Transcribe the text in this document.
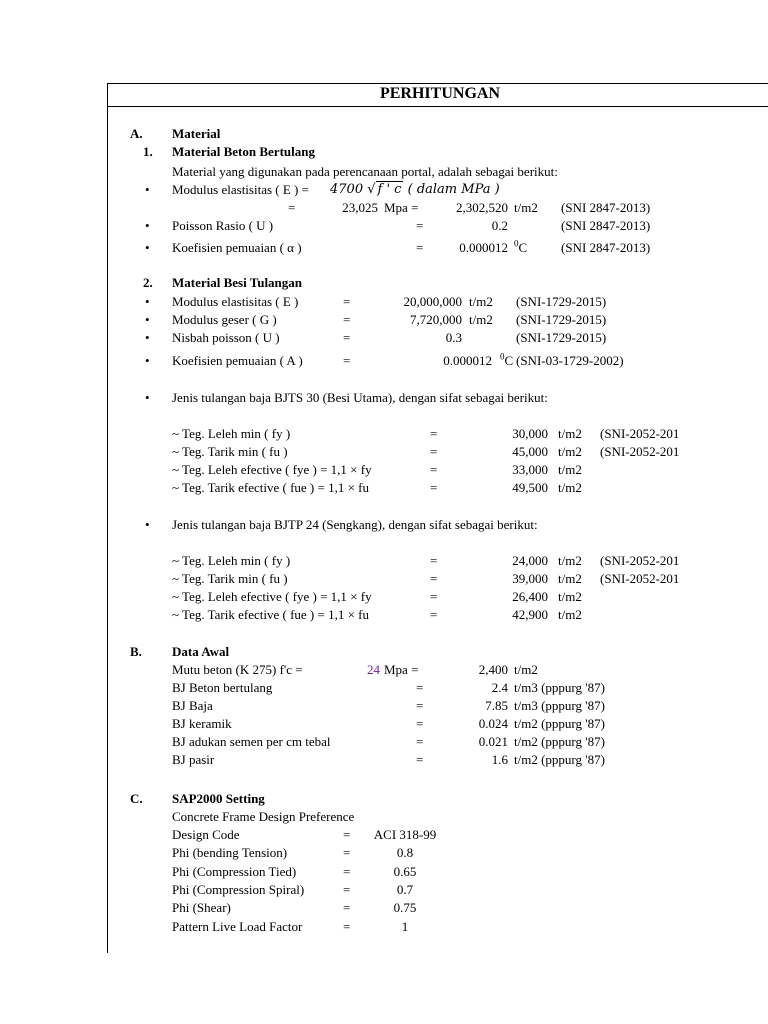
PERHITUNGAN
A. Material
1. Material Beton Bertulang
Material yang digunakan pada perencanaan portal, adalah sebagai berikut:
• Modulus elastisitas ( E ) = 4700 √ f ' c ( dalam MPa )
=	23,025 Mpa =	2,302,520 t/m2 (SNI 2847-2013)
• Poisson Rasio ( U )	=	0.2	(SNI 2847-2013)
• Koefisien pemuaian ( α )	=	0.000012 $^0$C	(SNI 2847-2013)
2. Material Besi Tulangan
• Modulus elastisitas ( E )	=	20,000,000 t/m2 (SNI-1729-2015)
• Modulus geser ( G )	=	7,720,000 t/m2 (SNI-1729-2015)
• Nisbah poisson ( U )	=	0.3	(SNI-1729-2015)
• Koefisien pemuaian ( A )	=	0.000012 $^0$C (SNI-03-1729-2002)
• Jenis tulangan baja BJTS 30 (Besi Utama), dengan sifat sebagai berikut:
~ Teg. Leleh min ( fy )	=	30,000 t/m2 (SNI-2052-201
~ Teg. Tarik min ( fu )	=	45,000 t/m2 (SNI-2052-201
~ Teg. Leleh efective ( fye ) = 1,1 × fy	=	33,000 t/m2
~ Teg. Tarik efective ( fue ) = 1,1 × fu	=	49,500 t/m2
• Jenis tulangan baja BJTP 24 (Sengkang), dengan sifat sebagai berikut:
~ Teg. Leleh min ( fy )	=	24,000 t/m2 (SNI-2052-201
~ Teg. Tarik min ( fu )	=	39,000 t/m2 (SNI-2052-201
~ Teg. Leleh efective ( fye ) = 1,1 × fy	=	26,400 t/m2
~ Teg. Tarik efective ( fue ) = 1,1 × fu	=	42,900 t/m2
B. Data Awal
Mutu beton (K 275) f'c =	24 Mpa =	2,400 t/m2
BJ Beton bertulang	=	2.4 t/m3 (pppurg '87)
BJ Baja	=	7.85 t/m3 (pppurg '87)
BJ keramik	=	0.024 t/m2 (pppurg '87)
BJ adukan semen per cm tebal	=	0.021 t/m2 (pppurg '87)
BJ pasir	=	1.6 t/m2 (pppurg '87)
C. SAP2000 Setting
Concrete Frame Design Preference
Design Code	=	ACI 318-99
Phi (bending Tension)	=	0.8
Phi (Compression Tied)	=	0.65
Phi (Compression Spiral)	=	0.7
Phi (Shear)	=	0.75
Pattern Live Load Factor	=	1
